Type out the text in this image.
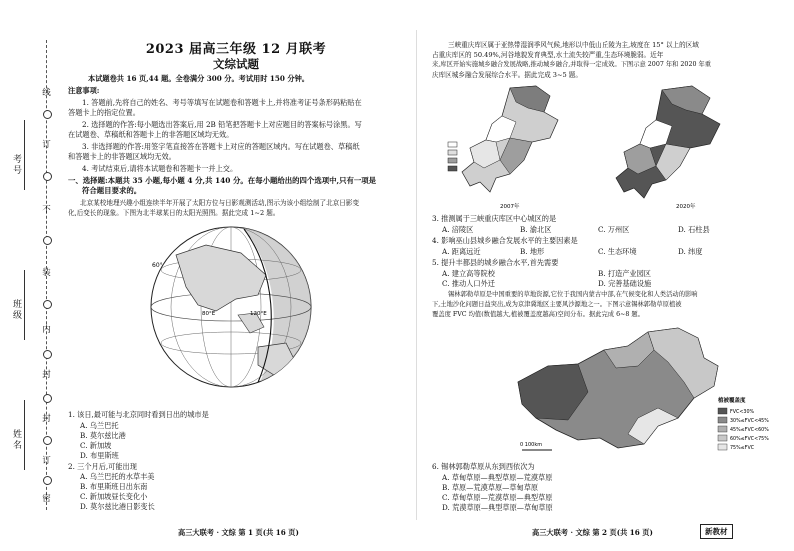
姓名
班级
考号
线
订
不
装
内
封
封
订
密
2023 届高三年级 12 月联考
文综试题
本试题卷共 16 页,44 题。全卷满分 300 分。考试用时 150 分钟。
注意事项:
1. 答题前,先将自己的姓名、考号等填写在试题卷和答题卡上,并将准考证号条形码粘贴在
答题卡上的指定位置。
2. 选择题的作答:每小题选出答案后,用 2B 铅笔把答题卡上对应题目的答案标号涂黑。写
在试题卷、草稿纸和答题卡上的非答题区域均无效。
3. 非选择题的作答:用签字笔直接答在答题卡上对应的答题区域内。写在试题卷、草稿纸
和答题卡上的非答题区域均无效。
4. 考试结束后,请将本试题卷和答题卡一并上交。
一、选择题:本题共 35 小题,每小题 4 分,共 140 分。在每小题给出的四个选项中,只有一项是
符合题目要求的。
北京某校地理兴趣小组连续半年开展了太阳方位与日影观测活动,图示为该小组绘制了北京日影变
化,后变长的现象。下图为北半球某日的太阳光照图。据此完成 1~2 题。
60°
80°E	120°E
1. 该日,最可能与北京同时看到日出的城市是
A. 乌兰巴托
B. 莫尔兹比港
C. 新加坡
D. 布里斯班
2. 三个月后,可能出现
A. 乌兰巴托的水草丰美
B. 布里斯班日出东南
C. 新加坡昼长变化小
D. 莫尔兹比港日影变长
高三大联考 · 文综 第 1 页(共 16 页)
三峡重庆库区属于亚热带湿润季风气候,地形以中低山丘陵为主,坡度在 15° 以上的区域
占重庆库区的 50.49%,河谷地貌发育典型,水土流失较严重,生态环境脆弱。近年
来,库区开始实施城乡融合发展战略,推动城乡融合,并取得一定成效。下图示意 2007 年和 2020 年重
庆库区城乡融合发展综合水平。据此完成 3~5 题。
2007年	2020年
3. 推测属于三峡重庆库区中心城区的是
A. 涪陵区	B. 渝北区	C. 万州区	D. 石柱县
4. 影响巫山县城乡融合发展水平的主要因素是
A. 距离远近	B. 地形	C. 生态环境	D. 纬度
5. 提升丰都县的城乡融合水平,首先需要
A. 建立高等院校	B. 打造产业园区
C. 推动人口外迁	D. 完善基础设施
锡林郭勒草原是中国重要的草地资源,它位于我国内蒙古中部,在气候变化和人类活动的影响
下,土地沙化问题日益突出,成为京津冀地区主要风沙源地之一。下图示意锡林郭勒草原植被
覆盖度 FVC 均值(数值越大,植被覆盖度越高)空间分布。据此完成 6~8 题。
0 100km
植被覆盖度
FVC<30%
30%≤FVC<45%
45%≤FVC<60%
60%≤FVC<75%
75%≤FVC
6. 锡林郭勒草原从东到西依次为
A. 草甸草原—典型草原—荒漠草原
B. 草原—荒漠草原—草甸草原
C. 草甸草原—荒漠草原—典型草原
D. 荒漠草原—典型草原—草甸草原
高三大联考 · 文综 第 2 页(共 16 页)	新教材
